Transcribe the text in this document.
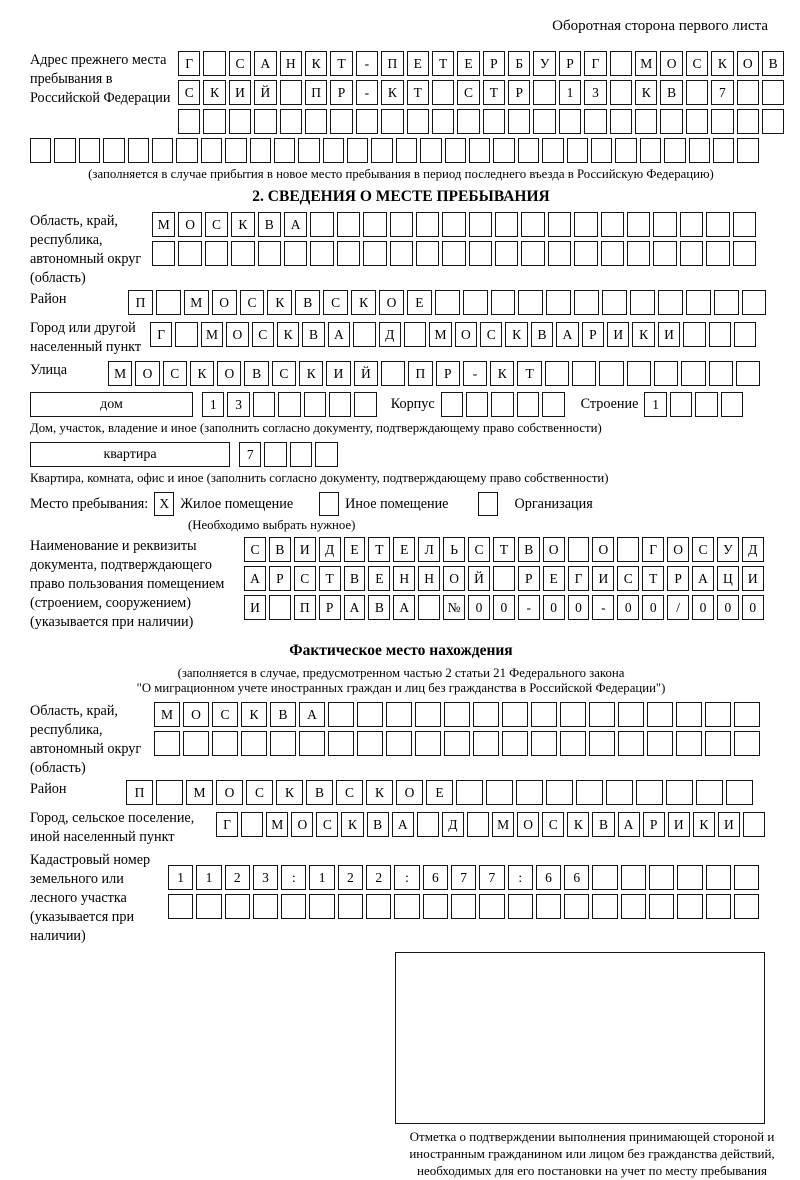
Оборотная сторона первого листа
Адрес прежнего места пребывания в Российской Федерации
Г	С	А	Н	К	Т	-	П	Е	Т	Е	Р	Б	У	Р	Г	М	О	С	К	О	В
С	К	И	Й	П	Р	-	К	Т	С	Т	Р	1	3	К	В	7
(заполняется в случае прибытия в новое место пребывания в период последнего въезда в Российскую Федерацию)
2. СВЕДЕНИЯ О МЕСТЕ ПРЕБЫВАНИЯ
Область, край, республика, автономный округ (область)
М	О	С	К	В	А
Район	П	М	О	С	К	В	С	К	О	Е
Город или другой населенный пункт
Г	М	О	С	К	В	А	Д	М	О	С	К	В	А	Р	И	К	И
Улица	М	О	С	К	О	В	С	К	И	Й	П	Р	-	К	Т
дом	1	3	Корпус	Строение	1
Дом, участок, владение и иное (заполнить согласно документу, подтверждающему право собственности)
квартира	7
Квартира, комната, офис и иное (заполнить согласно документу, подтверждающему право собственности)
Место пребывания: X Жилое помещение	Иное помещение	Организация
(Необходимо выбрать нужное)
Наименование и реквизиты документа, подтверждающего право пользования помещением (строением, сооружением) (указывается при наличии)
С	В	И	Д	Е	Т	Е	Л	Ь	С	Т	В	О	О	Г	О	С	У	Д
А	Р	С	Т	В	Е	Н	Н	О	Й	Р	Е	Г	И	С	Т	Р	А	Ц	И
И	П	Р	А	В	А	№	0	0	-	0	0	-	0	0	/	0	0	0
Фактическое место нахождения
(заполняется в случае, предусмотренном частью 2 статьи 21 Федерального закона
"О миграционном учете иностранных граждан и лиц без гражданства в Российской Федерации")
Область, край, республика, автономный округ (область)
М	О	С	К	В	А
Район	П	М	О	С	К	В	С	К	О	Е
Город, сельское поселение, иной населенный пункт
Г	М	О	С	К	В	А	Д	М	О	С	К	В	А	Р	И	К	И
Кадастровый номер земельного или лесного участка (указывается при наличии)
1	1	2	3	:	1	2	2	:	6	7	7	:	6	6
Отметка о подтверждении выполнения принимающей стороной и иностранным гражданином или лицом без гражданства действий, необходимых для его постановки на учет по месту пребывания
